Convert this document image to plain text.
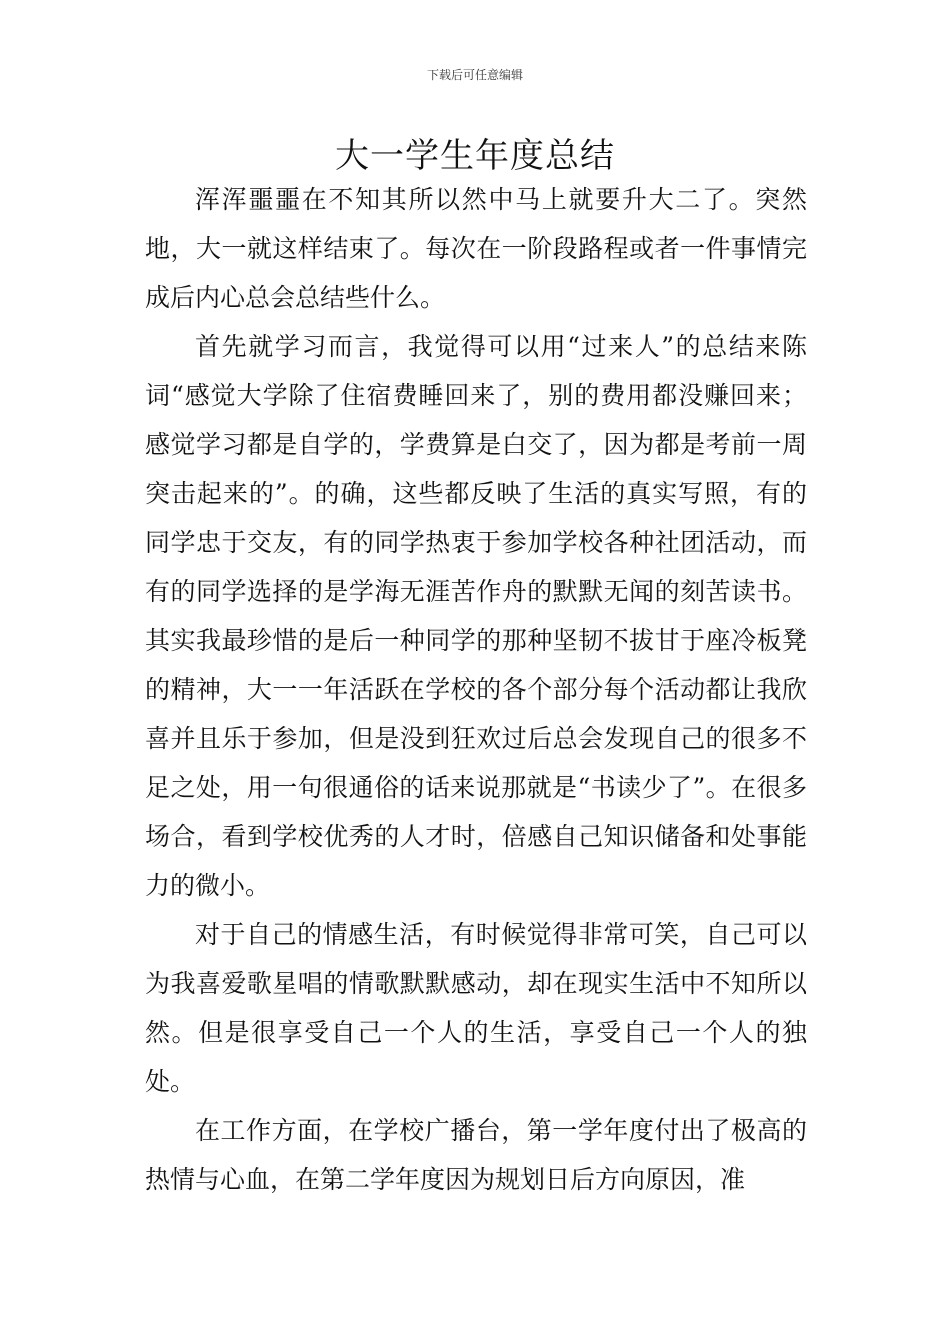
下载后可任意编辑
大一学生年度总结

浑浑噩噩在不知其所以然中马上就要升大二了。突然地，大一就这样结束了。每次在一阶段路程或者一件事情完成后内心总会总结些什么。

首先就学习而言，我觉得可以用“过来人”的总结来陈词“感觉大学除了住宿费睡回来了，别的费用都没赚回来；感觉学习都是自学的，学费算是白交了，因为都是考前一周突击起来的”。的确，这些都反映了生活的真实写照，有的同学忠于交友，有的同学热衷于参加学校各种社团活动，而有的同学选择的是学海无涯苦作舟的默默无闻的刻苦读书。其实我最珍惜的是后一种同学的那种坚韧不拔甘于座冷板凳的精神，大一一年活跃在学校的各个部分每个活动都让我欣喜并且乐于参加，但是没到狂欢过后总会发现自己的很多不足之处，用一句很通俗的话来说那就是“书读少了”。在很多场合，看到学校优秀的人才时，倍感自己知识储备和处事能力的微小。

对于自己的情感生活，有时候觉得非常可笑，自己可以为我喜爱歌星唱的情歌默默感动，却在现实生活中不知所以然。但是很享受自己一个人的生活，享受自己一个人的独处。

在工作方面，在学校广播台，第一学年度付出了极高的热情与心血，在第二学年度因为规划日后方向原因，准
